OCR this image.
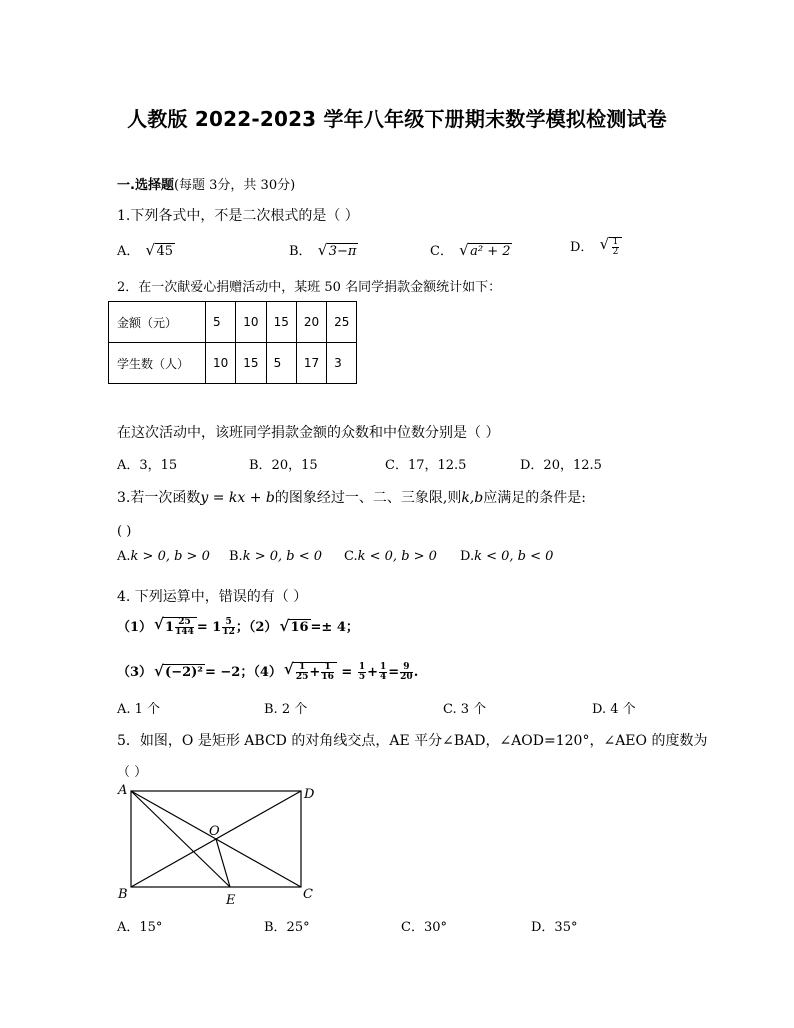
人教版 2022-2023 学年八年级下册期末数学模拟检测试卷
一.选择题(每题 3分，共 30分)
1.下列各式中，不是二次根式的是（ ）
A． √ 45	B． √ 3−π	C． √ a² + 2	D． √ $\frac{1}{2}$
2．在一次献爱心捐赠活动中，某班 50 名同学捐款金额统计如下：
金额（元）	5	10	15	20	25
学生数（人）	10	15	5	17	3
在这次活动中，该班同学捐款金额的众数和中位数分别是（ ）
A．3，15	B．20，15	C．17，12.5	D．20，12.5
3.若一次函数y = kx + b的图象经过一、二、三象限,则k,b应满足的条件是:
( )
A.k > 0, b > 0 B.k > 0, b < 0 C.k < 0, b > 0 D.k < 0, b < 0
4. 下列运算中，错误的有（ ）
（1） √ $1 \frac{25}{144} = 1 \frac{5}{12}$ ；（2） √ 16 =± 4；
（3） √ (−2)² = −2；（4） √ $\frac{1}{25} + \frac{1}{16} = \frac{1}{5} + \frac{1}{4} = \frac{9}{20}$ .
A. 1 个	B. 2 个	C. 3 个	D. 4 个
5．如图，O 是矩形 ABCD 的对角线交点，AE 平分∠BAD，∠AOD=120°，∠AEO 的度数为
（ ）
A	D
B	C
O
E
A．15°	B．25°	C．30°	D．35°
